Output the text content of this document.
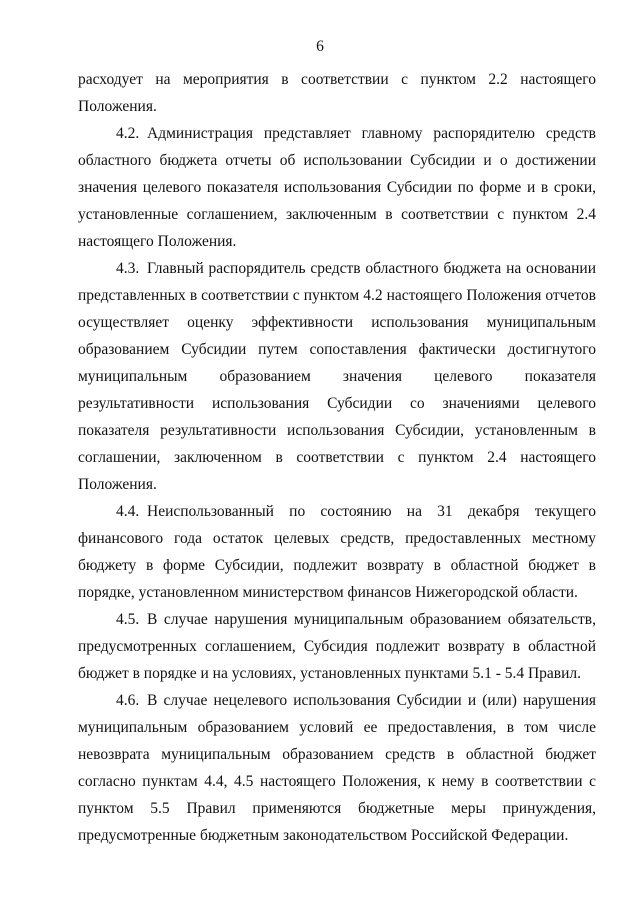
6

расходует на мероприятия в соответствии с пунктом 2.2 настоящего Положения.

4.2.  Администрация представляет главному распорядителю средств областного бюджета отчеты об использовании Субсидии и о достижении значения целевого показателя использования Субсидии по форме и в сроки, установленные соглашением, заключенным в соответствии с пунктом 2.4 настоящего Положения.

4.3.  Главный распорядитель средств областного бюджета на основании представленных в соответствии с пунктом 4.2 настоящего Положения отчетов осуществляет оценку эффективности использования муниципальным образованием Субсидии путем сопоставления фактически достигнутого муниципальным образованием значения целевого показателя результативности использования Субсидии со значениями целевого показателя результативности использования Субсидии, установленным в соглашении, заключенном в соответствии с пунктом 2.4 настоящего Положения.

4.4.  Неиспользованный по состоянию на 31 декабря текущего финансового года остаток целевых средств, предоставленных местному бюджету в форме Субсидии, подлежит возврату в областной бюджет в порядке, установленном министерством финансов Нижегородской области.

4.5.  В случае нарушения муниципальным образованием обязательств, предусмотренных соглашением, Субсидия подлежит возврату в областной бюджет в порядке и на условиях, установленных пунктами 5.1 - 5.4 Правил.

4.6.  В случае нецелевого использования Субсидии и (или) нарушения муниципальным образованием условий ее предоставления, в том числе невозврата муниципальным образованием средств в областной бюджет согласно пунктам 4.4, 4.5 настоящего Положения, к нему в соответствии с пунктом 5.5 Правил применяются бюджетные меры принуждения, предусмотренные бюджетным законодательством Российской Федерации.
